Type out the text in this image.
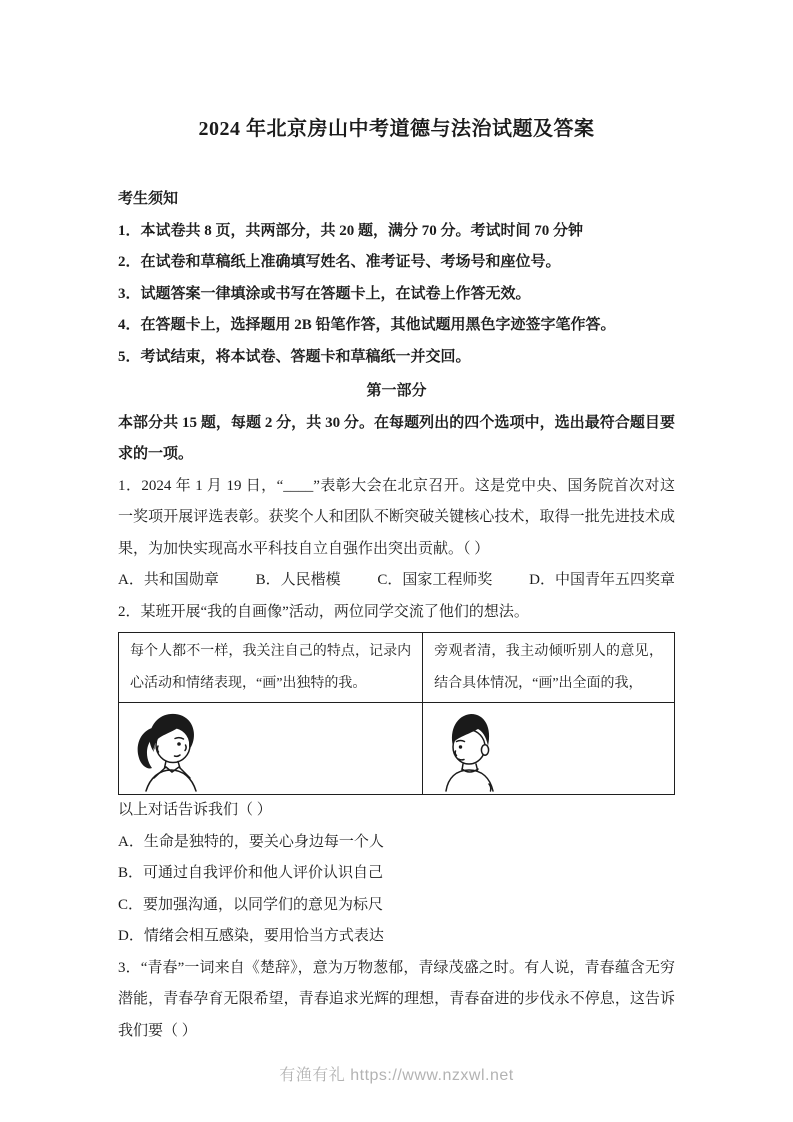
2024 年北京房山中考道德与法治试题及答案

考生须知

1．本试卷共 8 页，共两部分，共 20 题，满分 70 分。考试时间 70 分钟

2．在试卷和草稿纸上准确填写姓名、准考证号、考场号和座位号。

3．试题答案一律填涂或书写在答题卡上，在试卷上作答无效。

4．在答题卡上，选择题用 2B 铅笔作答，其他试题用黑色字迹签字笔作答。

5．考试结束，将本试卷、答题卡和草稿纸一并交回。

第一部分

本部分共 15 题，每题 2 分，共 30 分。在每题列出的四个选项中，选出最符合题目要求的一项。

1．2024 年 1 月 19 日，“____”表彰大会在北京召开。这是党中央、国务院首次对这一奖项开展评选表彰。获奖个人和团队不断突破关键核心技术，取得一批先进技术成果，为加快实现高水平科技自立自强作出突出贡献。（ ）

A．共和国勋章 B．人民楷模 C．国家工程师奖 D．中国青年五四奖章

2．某班开展“我的自画像”活动，两位同学交流了他们的想法。

每个人都不一样，我关注自己的特点，记录内心活动和情绪表现，“画”出独特的我。	旁观者清，我主动倾听别人的意见，结合具体情况，“画”出全面的我，

以上对话告诉我们（ ）

A．生命是独特的，要关心身边每一个人

B．可通过自我评价和他人评价认识自己

C．要加强沟通，以同学们的意见为标尺

D．情绪会相互感染，要用恰当方式表达

3．“青春”一词来自《楚辞》，意为万物葱郁，青绿茂盛之时。有人说，青春蕴含无穷潜能，青春孕育无限希望，青春追求光辉的理想，青春奋进的步伐永不停息，这告诉我们要（ ）

有渔有礼 https://www.nzxwl.net
